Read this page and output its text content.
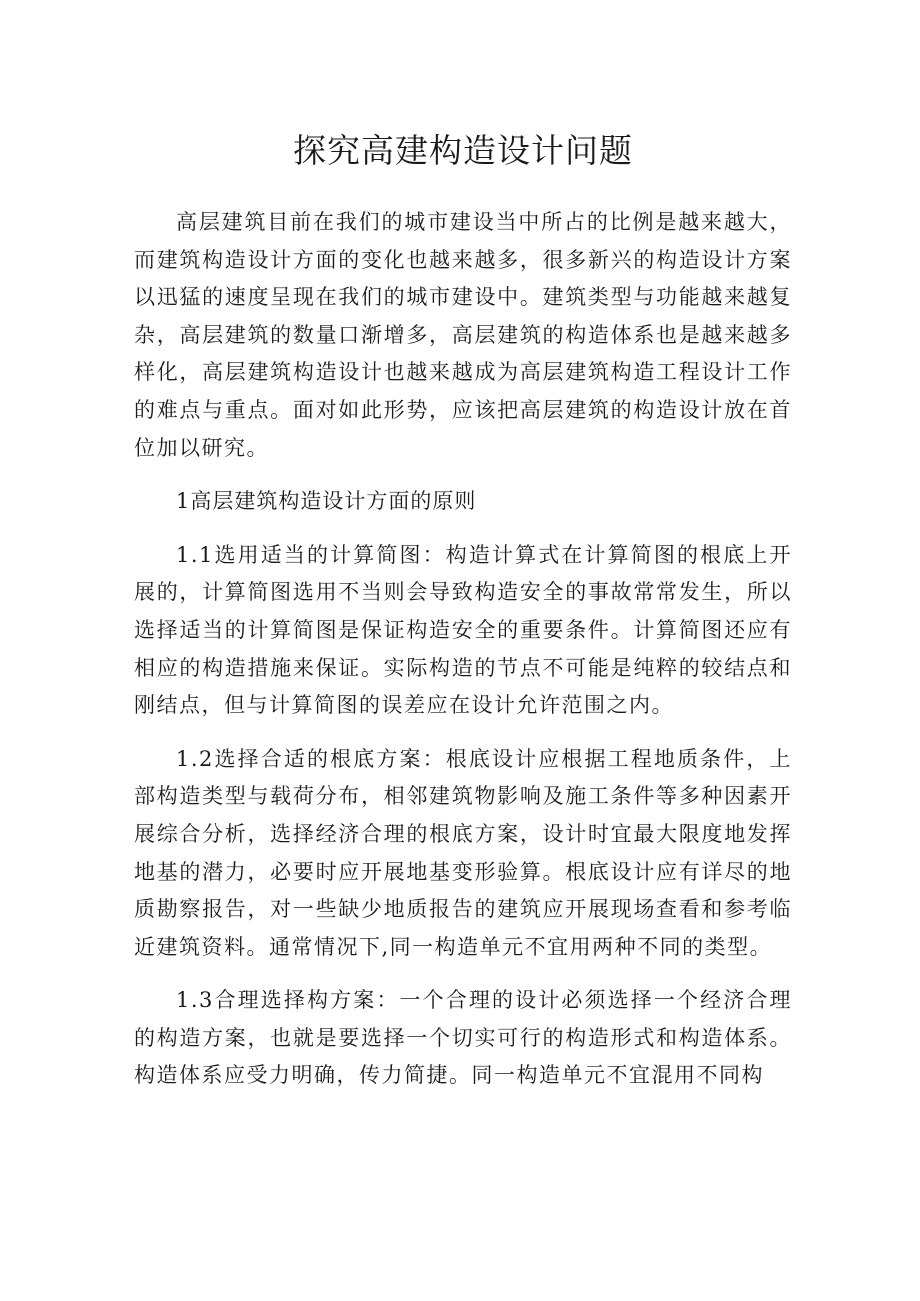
探究高建构造设计问题

高层建筑目前在我们的城市建设当中所占的比例是越来越大，而建筑构造设计方面的变化也越来越多，很多新兴的构造设计方案以迅猛的速度呈现在我们的城市建设中。建筑类型与功能越来越复杂，高层建筑的数量口渐增多，高层建筑的构造体系也是越来越多样化，高层建筑构造设计也越来越成为高层建筑构造工程设计工作的难点与重点。面对如此形势，应该把高层建筑的构造设计放在首位加以研究。

1高层建筑构造设计方面的原则

1.1选用适当的计算简图：构造计算式在计算简图的根底上开展的，计算简图选用不当则会导致构造安全的事故常常发生，所以选择适当的计算简图是保证构造安全的重要条件。计算简图还应有相应的构造措施来保证。实际构造的节点不可能是纯粹的较结点和刚结点，但与计算简图的误差应在设计允许范围之内。

1.2选择合适的根底方案：根底设计应根据工程地质条件，上部构造类型与载荷分布，相邻建筑物影响及施工条件等多种因素开展综合分析，选择经济合理的根底方案，设计时宜最大限度地发挥地基的潜力，必要时应开展地基变形验算。根底设计应有详尽的地质勘察报告，对一些缺少地质报告的建筑应开展现场查看和参考临近建筑资料。通常情况下,同一构造单元不宜用两种不同的类型。

1.3合理选择构方案：一个合理的设计必须选择一个经济合理的构造方案，也就是要选择一个切实可行的构造形式和构造体系。构造体系应受力明确，传力简捷。同一构造单元不宜混用不同构
